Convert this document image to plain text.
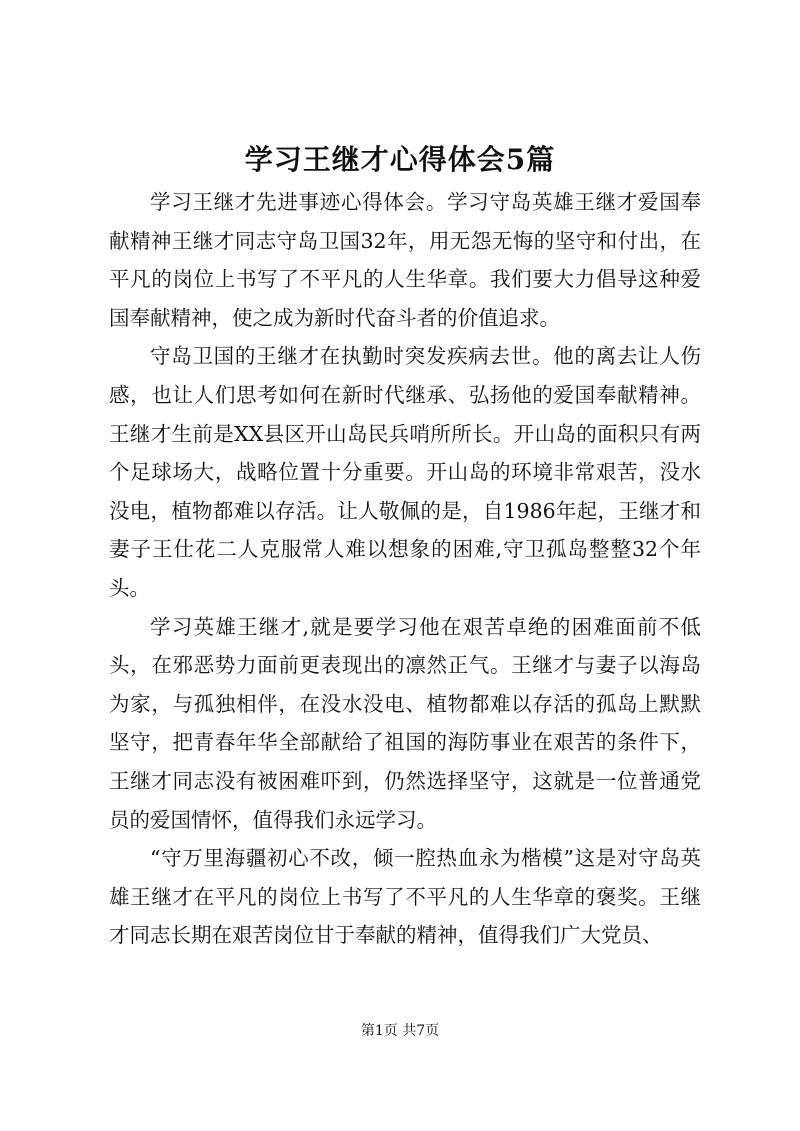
学习王继才心得体会5篇

学习王继才先进事迹心得体会。学习守岛英雄王继才爱国奉献精神王继才同志守岛卫国32年，用无怨无悔的坚守和付出，在平凡的岗位上书写了不平凡的人生华章。我们要大力倡导这种爱国奉献精神，使之成为新时代奋斗者的价值追求。

守岛卫国的王继才在执勤时突发疾病去世。他的离去让人伤感，也让人们思考如何在新时代继承、弘扬他的爱国奉献精神。王继才生前是XX县区开山岛民兵哨所所长。开山岛的面积只有两个足球场大，战略位置十分重要。开山岛的环境非常艰苦，没水没电，植物都难以存活。让人敬佩的是，自1986年起，王继才和妻子王仕花二人克服常人难以想象的困难,守卫孤岛整整32个年头。

学习英雄王继才,就是要学习他在艰苦卓绝的困难面前不低头，在邪恶势力面前更表现出的凛然正气。王继才与妻子以海岛为家，与孤独相伴，在没水没电、植物都难以存活的孤岛上默默坚守，把青春年华全部献给了祖国的海防事业在艰苦的条件下，王继才同志没有被困难吓到，仍然选择坚守，这就是一位普通党员的爱国情怀，值得我们永远学习。

“守万里海疆初心不改，倾一腔热血永为楷模”这是对守岛英雄王继才在平凡的岗位上书写了不平凡的人生华章的褒奖。王继才同志长期在艰苦岗位甘于奉献的精神，值得我们广大党员、

第1页 共7页
